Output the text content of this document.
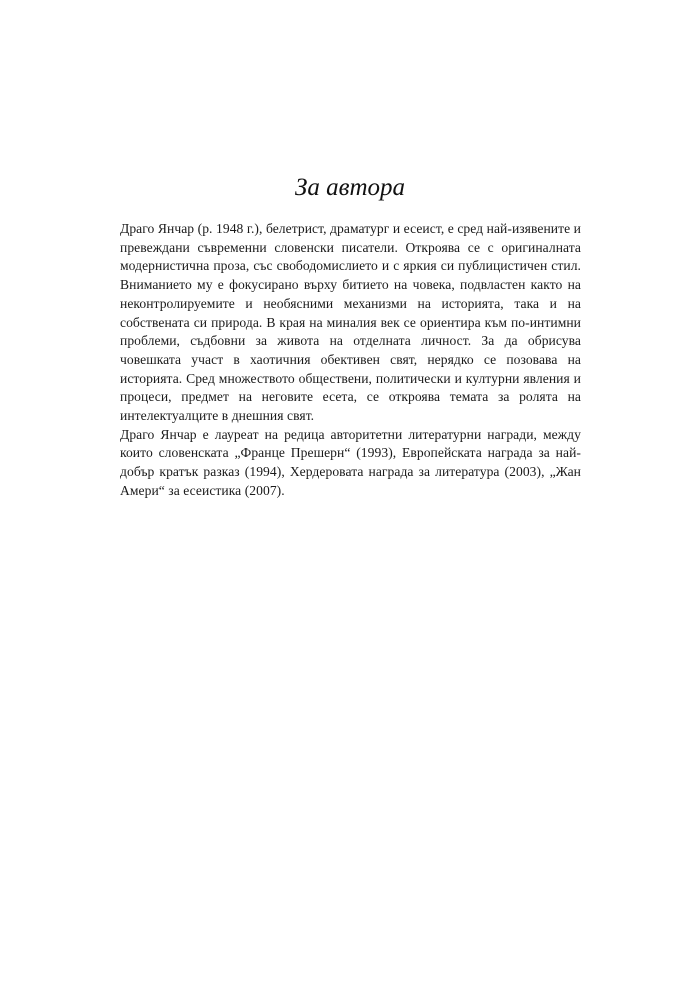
За автора

Драго Янчар (р. 1948 г.), белетрист, драматург и есеист, е сред най-изявените и превеждани съвременни словенски писатели. Откроява се с оригиналната модернистична проза, със свободомислието и с яркия си публицистичен стил. Вниманието му е фокусирано върху битието на човека, подвластен както на неконтролируемите и необясними механизми на историята, така и на собствената си природа. В края на миналия век се ориентира към по-интимни проблеми, съдбовни за живота на отделната личност. За да обрисува човешката участ в хаотичния обективен свят, нерядко се позовава на историята. Сред множеството обществени, политически и културни явления и процеси, предмет на неговите есета, се откроява темата за ролята на интелектуалците в днешния свят.

Драго Янчар е лауреат на редица авторитетни литературни награди, между които словенската „Франце Прешерн“ (1993), Европейската награда за най-добър кратък разказ (1994), Хердеровата награда за литература (2003), „Жан Амери“ за есеистика (2007).
